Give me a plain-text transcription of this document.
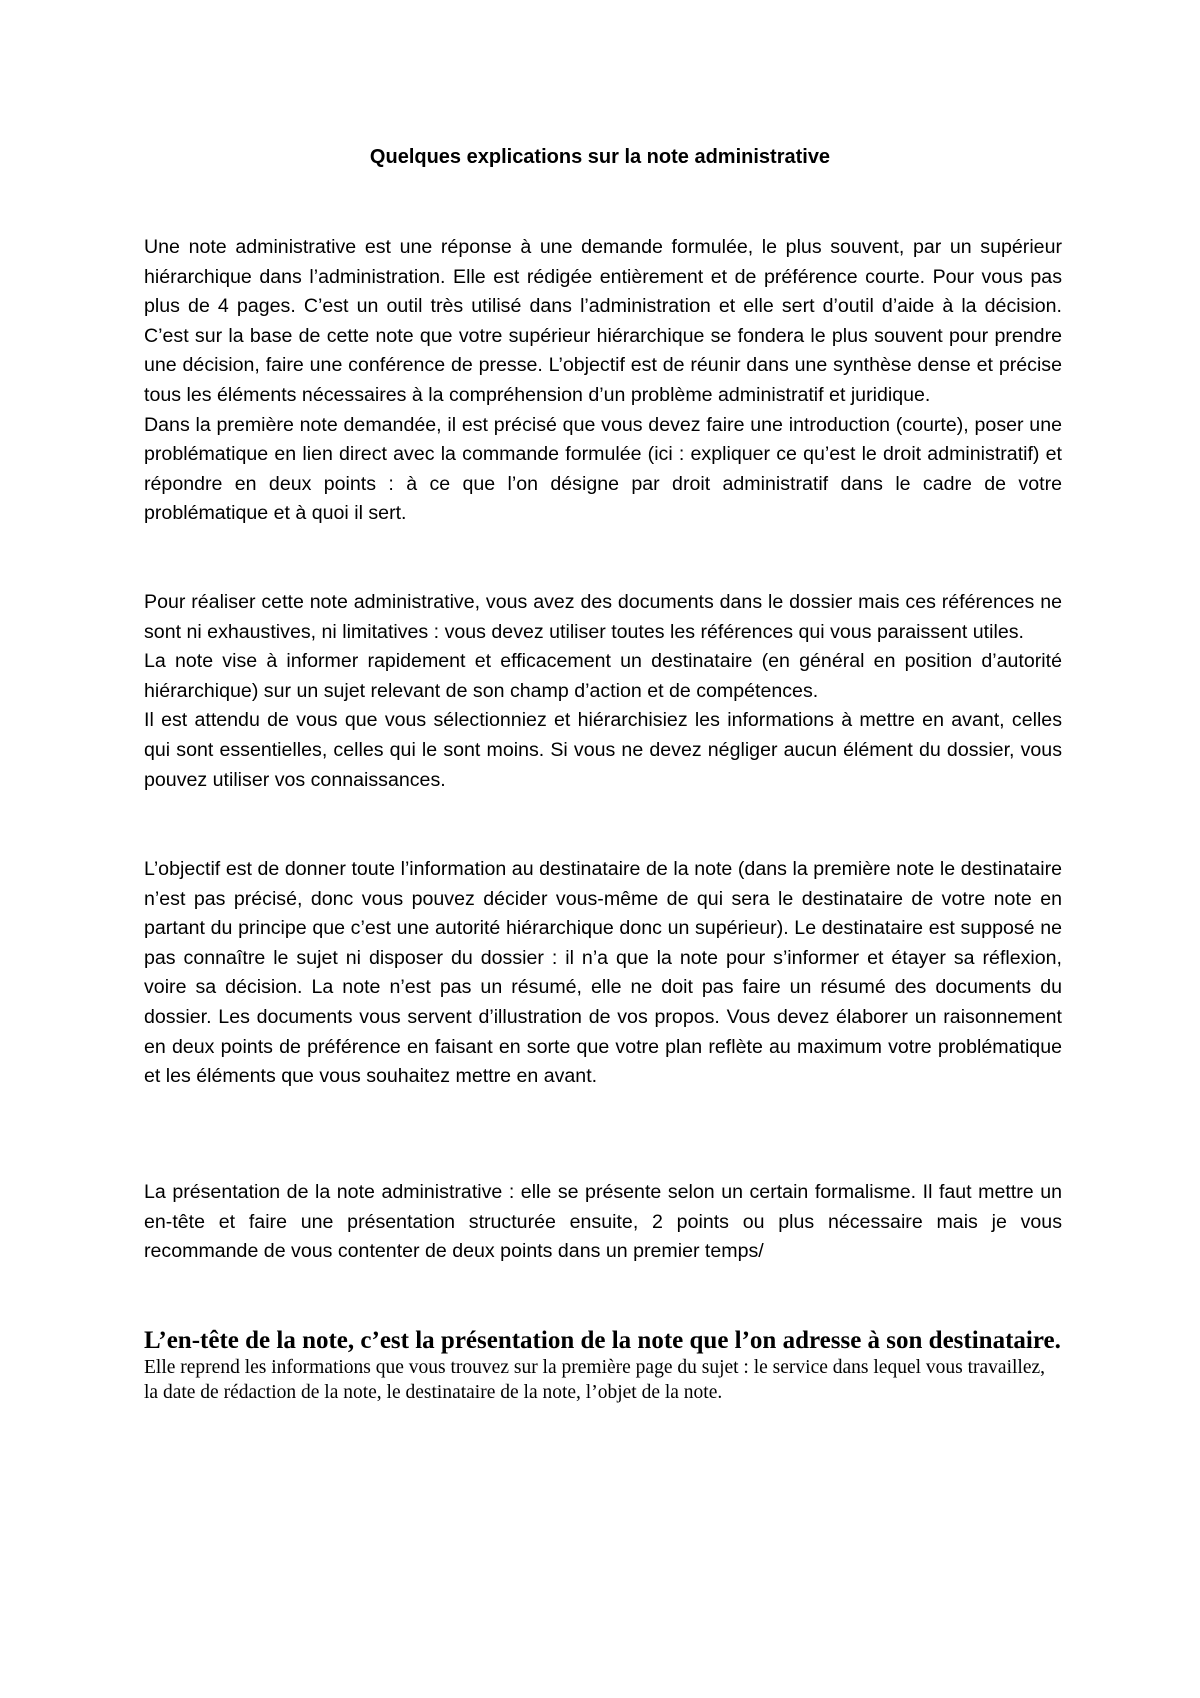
Quelques explications sur la note administrative

Une note administrative est une réponse à une demande formulée, le plus souvent, par un supérieur hiérarchique dans l’administration. Elle est rédigée entièrement et de préférence courte. Pour vous pas plus de 4 pages. C’est un outil très utilisé dans l’administration et elle sert d’outil d’aide à la décision. C’est sur la base de cette note que votre supérieur hiérarchique se fondera le plus souvent pour prendre une décision, faire une conférence de presse. L’objectif est de réunir dans une synthèse dense et précise tous les éléments nécessaires à la compréhension d’un problème administratif et juridique.

Dans la première note demandée, il est précisé que vous devez faire une introduction (courte), poser une problématique en lien direct avec la commande formulée (ici : expliquer ce qu’est le droit administratif) et répondre en deux points : à ce que l’on désigne par droit administratif dans le cadre de votre problématique et à quoi il sert.

Pour réaliser cette note administrative, vous avez des documents dans le dossier mais ces références ne sont ni exhaustives, ni limitatives : vous devez utiliser toutes les références qui vous paraissent utiles.

La note vise à informer rapidement et efficacement un destinataire (en général en position d’autorité hiérarchique) sur un sujet relevant de son champ d’action et de compétences.

Il est attendu de vous que vous sélectionniez et hiérarchisiez les informations à mettre en avant, celles qui sont essentielles, celles qui le sont moins. Si vous ne devez négliger aucun élément du dossier, vous pouvez utiliser vos connaissances.

L’objectif est de donner toute l’information au destinataire de la note (dans la première note le destinataire n’est pas précisé, donc vous pouvez décider vous-même de qui sera le destinataire de votre note en partant du principe que c’est une autorité hiérarchique donc un supérieur). Le destinataire est supposé ne pas connaître le sujet ni disposer du dossier : il n’a que la note pour s’informer et étayer sa réflexion, voire sa décision. La note n’est pas un résumé, elle ne doit pas faire un résumé des documents du dossier. Les documents vous servent d’illustration de vos propos. Vous devez élaborer un raisonnement en deux points de préférence en faisant en sorte que votre plan reflète au maximum votre problématique et les éléments que vous souhaitez mettre en avant.

La présentation de la note administrative : elle se présente selon un certain formalisme. Il faut mettre un en-tête et faire une présentation structurée ensuite, 2 points ou plus nécessaire mais je vous recommande de vous contenter de deux points dans un premier temps/

L’en-tête de la note, c’est la présentation de la note que l’on adresse à son destinataire. Elle reprend les informations que vous trouvez sur la première page du sujet : le service dans lequel vous travaillez, la date de rédaction de la note, le destinataire de la note, l’objet de la note.
